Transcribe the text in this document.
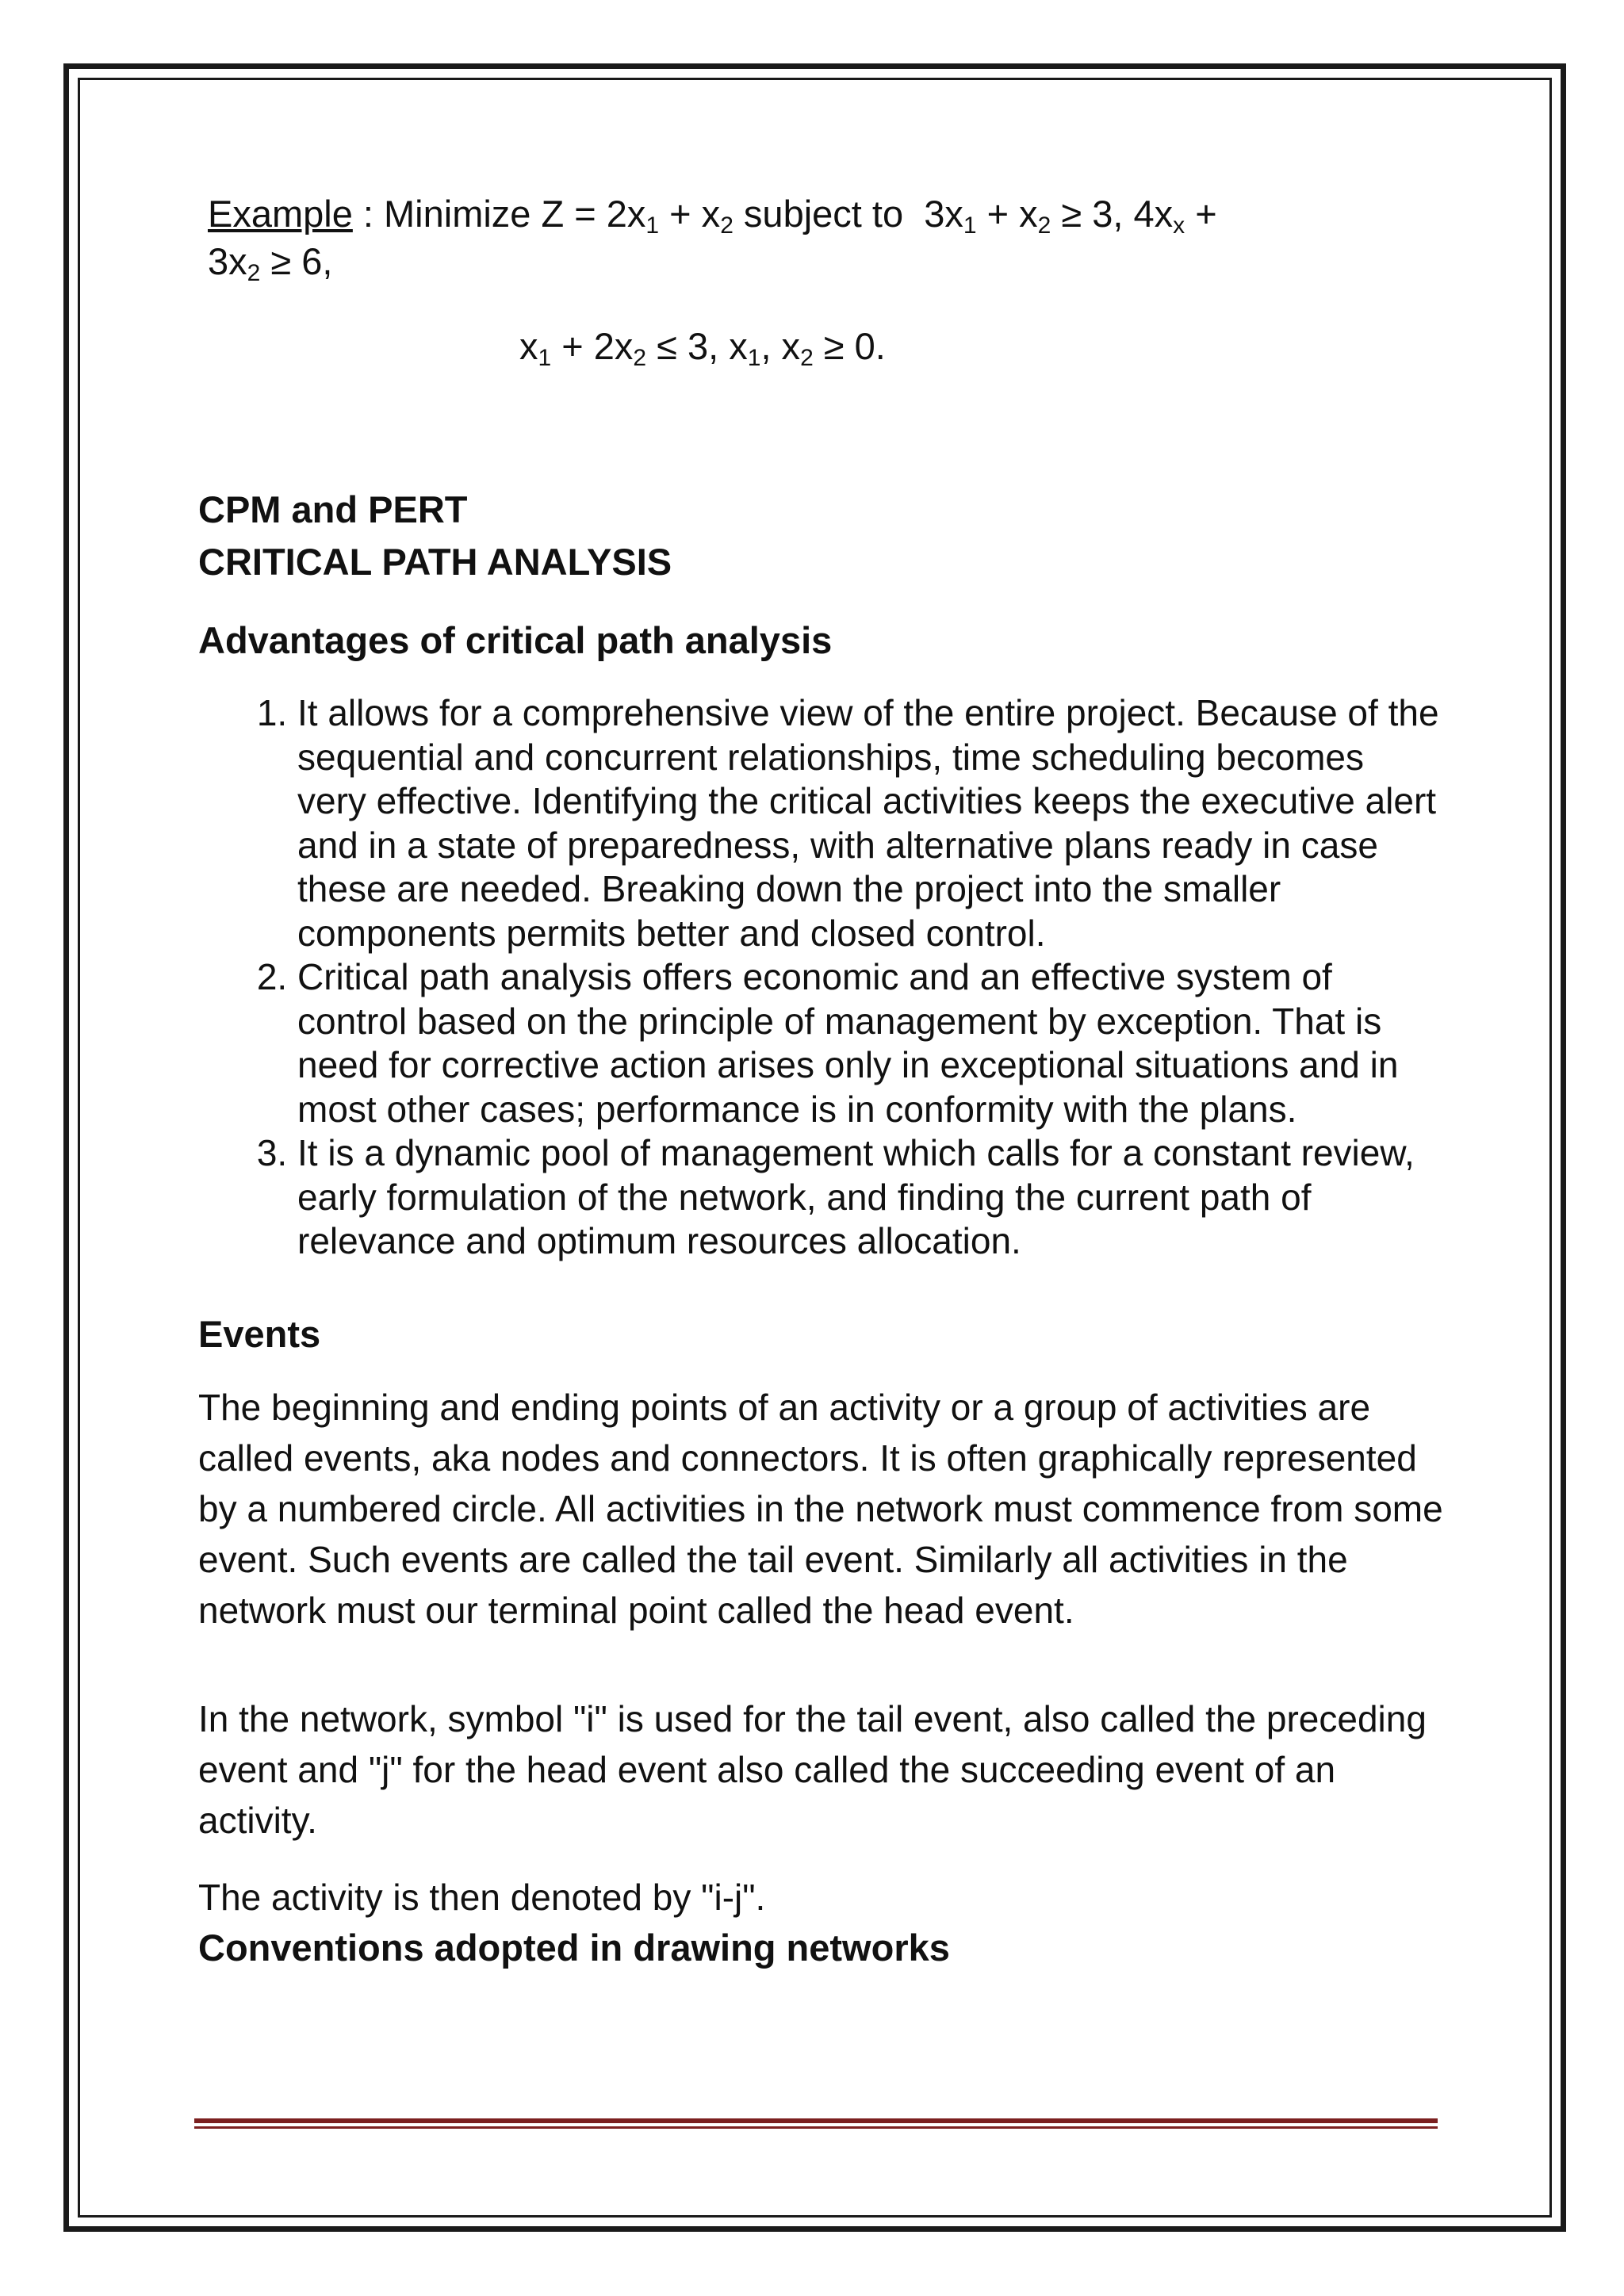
Example : Minimize $Z = 2x_1 + x_2$ subject to  $3x_1 + x_2 \ge 3$, $4x_x$ +
$3x_2 \ge 6$,
$x_1 + 2x_2 \le 3$, $x_1$, $x_2 \ge 0$.
CPM and PERT
CRITICAL PATH ANALYSIS
Advantages of critical path analysis
1. It allows for a comprehensive view of the entire project. Because of the sequential and concurrent relationships, time scheduling becomes very effective. Identifying the critical activities keeps the executive alert and in a state of preparedness, with alternative plans ready in case these are needed. Breaking down the project into the smaller components permits better and closed control.
2. Critical path analysis offers economic and an effective system of control based on the principle of management by exception. That is need for corrective action arises only in exceptional situations and in most other cases; performance is in conformity with the plans.
3. It is a dynamic pool of management which calls for a constant review, early formulation of the network, and finding the current path of relevance and optimum resources allocation.
Events

The beginning and ending points of an activity or a group of activities are called events, aka nodes and connectors. It is often graphically represented by a numbered circle. All activities in the network must commence from some event. Such events are called the tail event. Similarly all activities in the network must our terminal point called the head event.

In the network, symbol "i" is used for the tail event, also called the preceding event and "j" for the head event also called the succeeding event of an activity.

The activity is then denoted by "i-j".

Conventions adopted in drawing networks
